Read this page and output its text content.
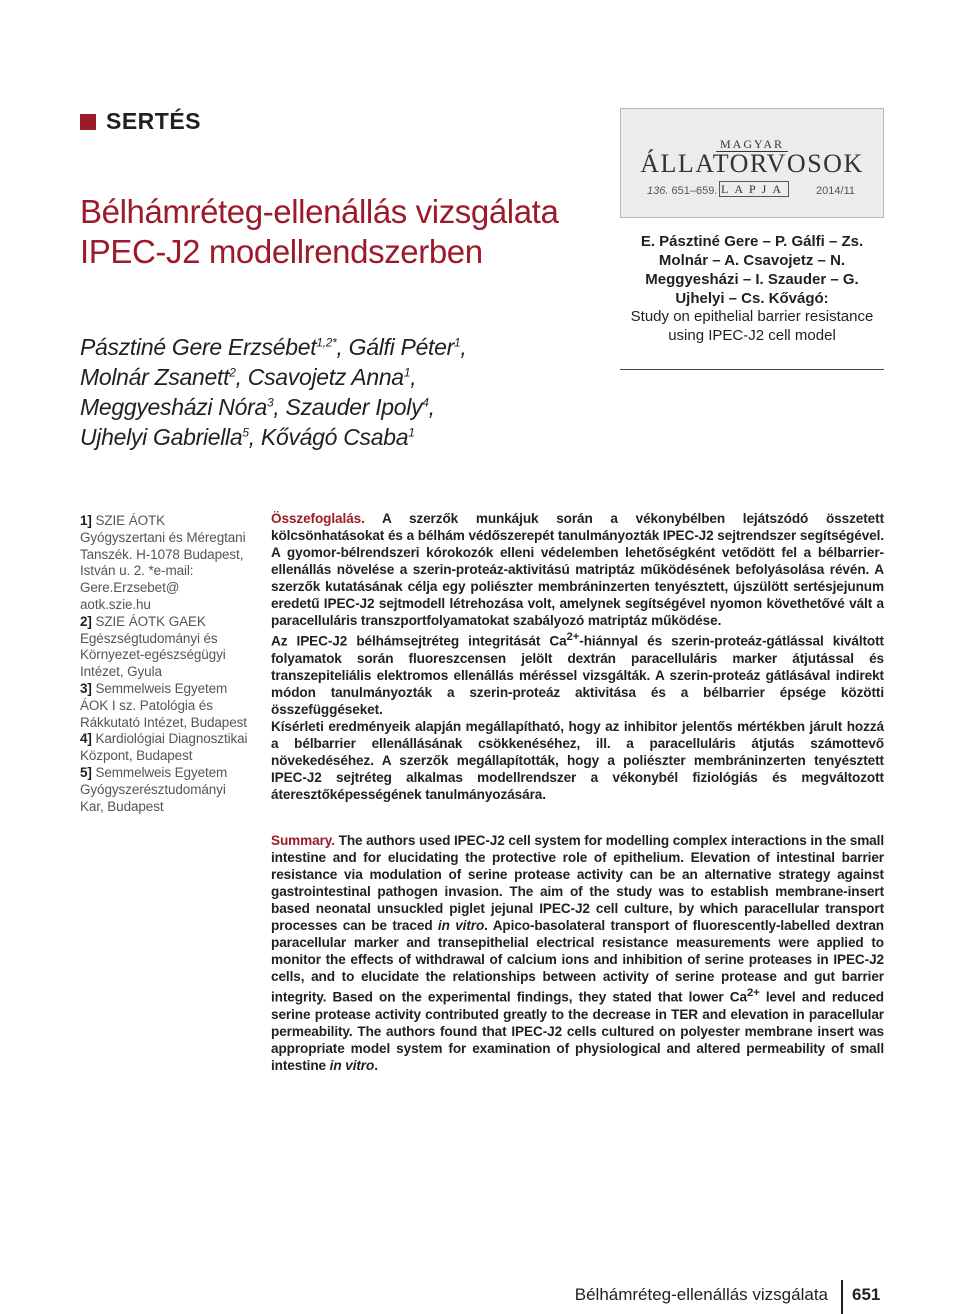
SERTÉS
Bélhámréteg-ellenállás vizsgálata IPEC-J2 modellrendszerben
Pásztiné Gere Erzsébet$^{1,2*}$, Gálfi Péter$^1$,
Molnár Zsanett$^2$, Csavojetz Anna$^1$,
Meggyesházi Nóra$^3$, Szauder Ipoly$^4$,
Ujhelyi Gabriella$^5$, Kővágó Csaba$^1$
MAGYAR
ÁLLATORVOSOK
136. 651–659. LAPJA	2014/11
E. Pásztiné Gere – P. Gálfi – Zs. Molnár – A. Csavojetz – N. Meggyesházi – I. Szauder – G. Ujhelyi – Cs. Kővágó:
Study on epithelial barrier resistance using IPEC-J2 cell model

1] SZIE ÁOTK Gyógyszertani és Méregtani Tanszék. H-1078 Budapest, István u. 2. *e-mail: Gere.Erzsebet@ aotk.szie.hu

2] SZIE ÁOTK GAEK Egészségtudományi és Környezet-egészségügyi Intézet, Gyula

3] Semmelweis Egyetem ÁOK I sz. Patológia és Rákkutató Intézet, Budapest

4] Kardiológiai Diagnosztikai Központ, Budapest

5] Semmelweis Egyetem Gyógyszerésztudományi Kar, Budapest

Összefoglalás. A szerzők munkájuk során a vékonybélben lejátszódó összetett kölcsönhatásokat és a bélhám védőszerepét tanulmányozták IPEC-J2 sejtrendszer segítségével. A gyomor-bélrendszeri kórokozók elleni védelemben lehetőségként vetődött fel a bélbarrier-ellenállás növelése a szerin-proteáz-aktivitású matriptáz működésének befolyásolása révén. A szerzők kutatásának célja egy poliészter membráninzerten tenyésztett, újszülött sertésjejunum eredetű IPEC-J2 sejtmodell létrehozása volt, amelynek segítségével nyomon követhetővé vált a paracelluláris transzportfolyamatokat szabályozó matriptáz működése.

Az IPEC-J2 bélhámsejtréteg integritását $Ca^{2+}$-hiánnyal és szerin-proteáz-gátlással kiváltott folyamatok során fluoreszcensen jelölt dextrán paracelluláris marker átjutással és transzepiteliális elektromos ellenállás méréssel vizsgálták. A szerin-proteáz gátlásával indirekt módon tanulmányozták a szerin-proteáz aktivitása és a bélbarrier épsége közötti összefüggéseket.

Kísérleti eredményeik alapján megállapítható, hogy az inhibitor jelentős mértékben járult hozzá a bélbarrier ellenállásának csökkenéséhez, ill. a paracelluláris átjutás számottevő növekedéséhez. A szerzők megállapították, hogy a poliészter membráninzerten tenyésztett IPEC-J2 sejtréteg alkalmas modellrendszer a vékonybél fiziológiás és megváltozott áteresztőképességének tanulmányozására.

Summary. The authors used IPEC-J2 cell system for modelling complex interactions in the small intestine and for elucidating the protective role of epithelium. Elevation of intestinal barrier resistance via modulation of serine protease activity can be an alternative strategy against gastrointestinal pathogen invasion. The aim of the study was to establish membrane-insert based neonatal unsuckled piglet jejunal IPEC-J2 cell culture, by which paracellular transport processes can be traced in vitro. Apico-basolateral transport of fluorescently-labelled dextran paracellular marker and transepithelial electrical resistance measurements were applied to monitor the effects of withdrawal of calcium ions and inhibition of serine proteases in IPEC-J2 cells, and to elucidate the relationships between activity of serine protease and gut barrier integrity. Based on the experimental findings, they stated that lower $Ca^{2+}$ level and reduced serine protease activity contributed greatly to the decrease in TER and elevation in paracellular permeability. The authors found that IPEC-J2 cells cultured on polyester membrane insert was appropriate model system for examination of physiological and altered permeability of small intestine in vitro.

Bélhámréteg-ellenállás vizsgálata 651
